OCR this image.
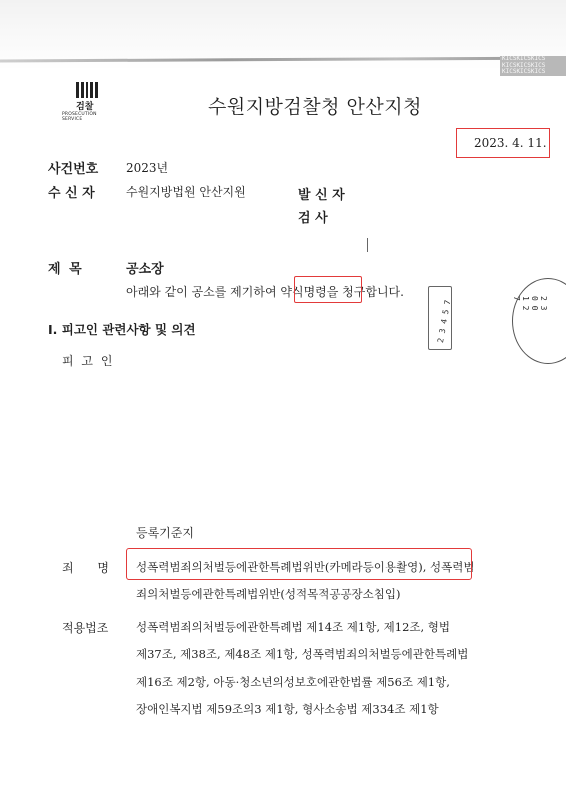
KICSKICSKICS KICSKICSKICS KICSKICSKICS
검찰
PROSECUTION SERVICE
수원지방검찰청 안산지청
2023. 4. 11.
사건번호 2023년
수 신 자	수원지방법원 안산지원	발 신 자
검 사
제 목	공소장
아래와 같이 공소를 제기하여 약식명령을 청구합니다.
2 3 0 0 1 2 7
2 3 4 5 7
I. 피고인 관련사항 및 의견
피 고 인
등록기준지
죄 명 성폭력범죄의처벌등에관한특례법위반(카메라등이용촬영), 성폭력범
죄의처벌등에관한특례법위반(성적목적공공장소침입)
적용법조 성폭력범죄의처벌등에관한특례법 제14조 제1항, 제12조, 형법
제37조, 제38조, 제48조 제1항, 성폭력범죄의처벌등에관한특례법
제16조 제2항, 아동·청소년의성보호에관한법률 제56조 제1항,
장애인복지법 제59조의3 제1항, 형사소송법 제334조 제1항
